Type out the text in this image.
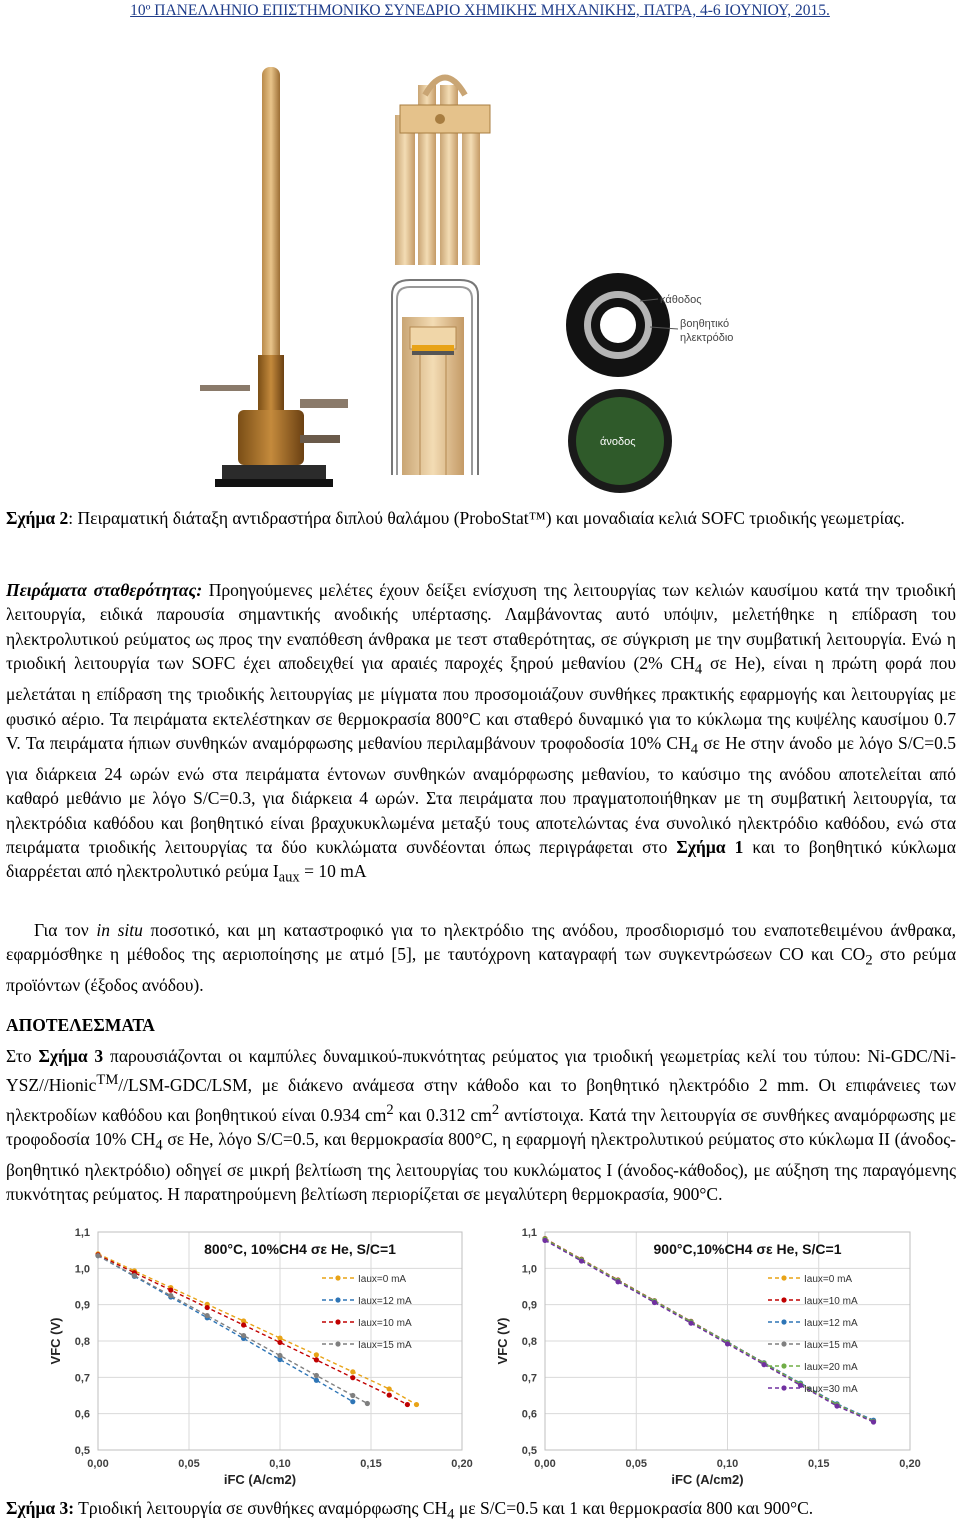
10º ΠΑΝΕΛΛΗΝΙΟ ΕΠΙΣΤΗΜΟΝΙΚΟ ΣΥΝΕΔΡΙΟ ΧΗΜΙΚΗΣ ΜΗΧΑΝΙΚΗΣ, ΠΑΤΡΑ, 4-6 ΙΟΥΝΙΟΥ, 2015.
κάθοδος
βοηθητικό
ηλεκτρόδιο
άνοδος

Σχήμα 2: Πειραματική διάταξη αντιδραστήρα διπλού θαλάμου (ProboStat™) και μοναδιαία κελιά SOFC τριοδικής γεωμετρίας.

Πειράματα σταθερότητας: Προηγούμενες μελέτες έχουν δείξει ενίσχυση της λειτουργίας των κελιών καυσίμου κατά την τριοδική λειτουργία, ειδικά παρουσία σημαντικής ανοδικής υπέρτασης. Λαμβάνοντας αυτό υπόψιν, μελετήθηκε η επίδραση του ηλεκτρολυτικού ρεύματος ως προς την εναπόθεση άνθρακα με τεστ σταθερότητας, σε σύγκριση με την συμβατική λειτουργία. Ενώ η τριοδική λειτουργία των SOFC έχει αποδειχθεί για αραιές παροχές ξηρού μεθανίου (2% $CH_4$ σε He), είναι η πρώτη φορά που μελετάται η επίδραση της τριοδικής λειτουργίας με μίγματα που προσομοιάζουν συνθήκες πρακτικής εφαρμογής και λειτουργίας με φυσικό αέριο. Τα πειράματα εκτελέστηκαν σε θερμοκρασία 800°C και σταθερό δυναμικό για το κύκλωμα της κυψέλης καυσίμου 0.7 V. Τα πειράματα ήπιων συνθηκών αναμόρφωσης μεθανίου περιλαμβάνουν τροφοδοσία 10% $CH_4$ σε He στην άνοδο με λόγο S/C=0.5 για διάρκεια 24 ωρών ενώ στα πειράματα έντονων συνθηκών αναμόρφωσης μεθανίου, το καύσιμο της ανόδου αποτελείται από καθαρό μεθάνιο με λόγο S/C=0.3, για διάρκεια 4 ωρών. Στα πειράματα που πραγματοποιήθηκαν με τη συμβατική λειτουργία, τα ηλεκτρόδια καθόδου και βοηθητικό είναι βραχυκυκλωμένα μεταξύ τους αποτελώντας ένα συνολικό ηλεκτρόδιο καθόδου, ενώ στα πειράματα τριοδικής λειτουργίας τα δύο κυκλώματα συνδέονται όπως περιγράφεται στο Σχήμα 1 και το βοηθητικό κύκλωμα διαρρέεται από ηλεκτρολυτικό ρεύμα $I_{aux} = 10$ mA

Για τον in situ ποσοτικό, και μη καταστροφικό για το ηλεκτρόδιο της ανόδου, προσδιορισμό του εναποτεθειμένου άνθρακα, εφαρμόσθηκε η μέθοδος της αεριοποίησης με ατμό [5], με ταυτόχρονη καταγραφή των συγκεντρώσεων CO και $CO_2$ στο ρεύμα προϊόντων (έξοδος ανόδου).

ΑΠΟΤΕΛΕΣΜΑΤΑ

Στο Σχήμα 3 παρουσιάζονται οι καμπύλες δυναμικού-πυκνότητας ρεύματος για τριοδική γεωμετρίας κελί του τύπου: Ni-GDC/Ni-YSZ//Hionic™//LSM-GDC/LSM, με διάκενο ανάμεσα στην κάθοδο και το βοηθητικό ηλεκτρόδιο 2 mm. Οι επιφάνειες των ηλεκτροδίων καθόδου και βοηθητικού είναι 0.934 $cm^2$ και 0.312 $cm^2$ αντίστοιχα. Κατά την λειτουργία σε συνθήκες αναμόρφωσης με τροφοδοσία 10% $CH_4$ σε He, λόγο S/C=0.5, και θερμοκρασία 800°C, η εφαρμογή ηλεκτρολυτικού ρεύματος στο κύκλωμα II (άνοδος-βοηθητικό ηλεκτρόδιο) οδηγεί σε μικρή βελτίωση της λειτουργίας του κυκλώματος I (άνοδος-κάθοδος), με αύξηση της παραγόμενης πυκνότητας ρεύματος. Η παρατηρούμενη βελτίωση περιορίζεται σε μεγαλύτερη θερμοκρασία, 900°C.

0,5
0,6
0,7
0,8
0,9
1,0
1,1
0,00	0,05	0,10	0,15	0,20
iFC (A/cm2)
VFC (V)
800°C, 10%CH4 σε He, S/C=1
Iaux=0 mA
Iaux=12 mA
Iaux=10 mA
Iaux=15 mA
0,5
0,6
0,7
0,8
0,9
1,0
1,1
0,00	0,05	0,10	0,15	0,20
iFC (A/cm2)
VFC (V)
900°C,10%CH4 σε He, S/C=1
Iaux=0 mA
Iaux=10 mA
Iaux=12 mA
Iaux=15 mA
Iaux=20 mA
Iaux=30 mA

Σχήμα 3: Τριοδική λειτουργία σε συνθήκες αναμόρφωσης $CH_4$ με S/C=0.5 και 1 και θερμοκρασία 800 και 900°C.
